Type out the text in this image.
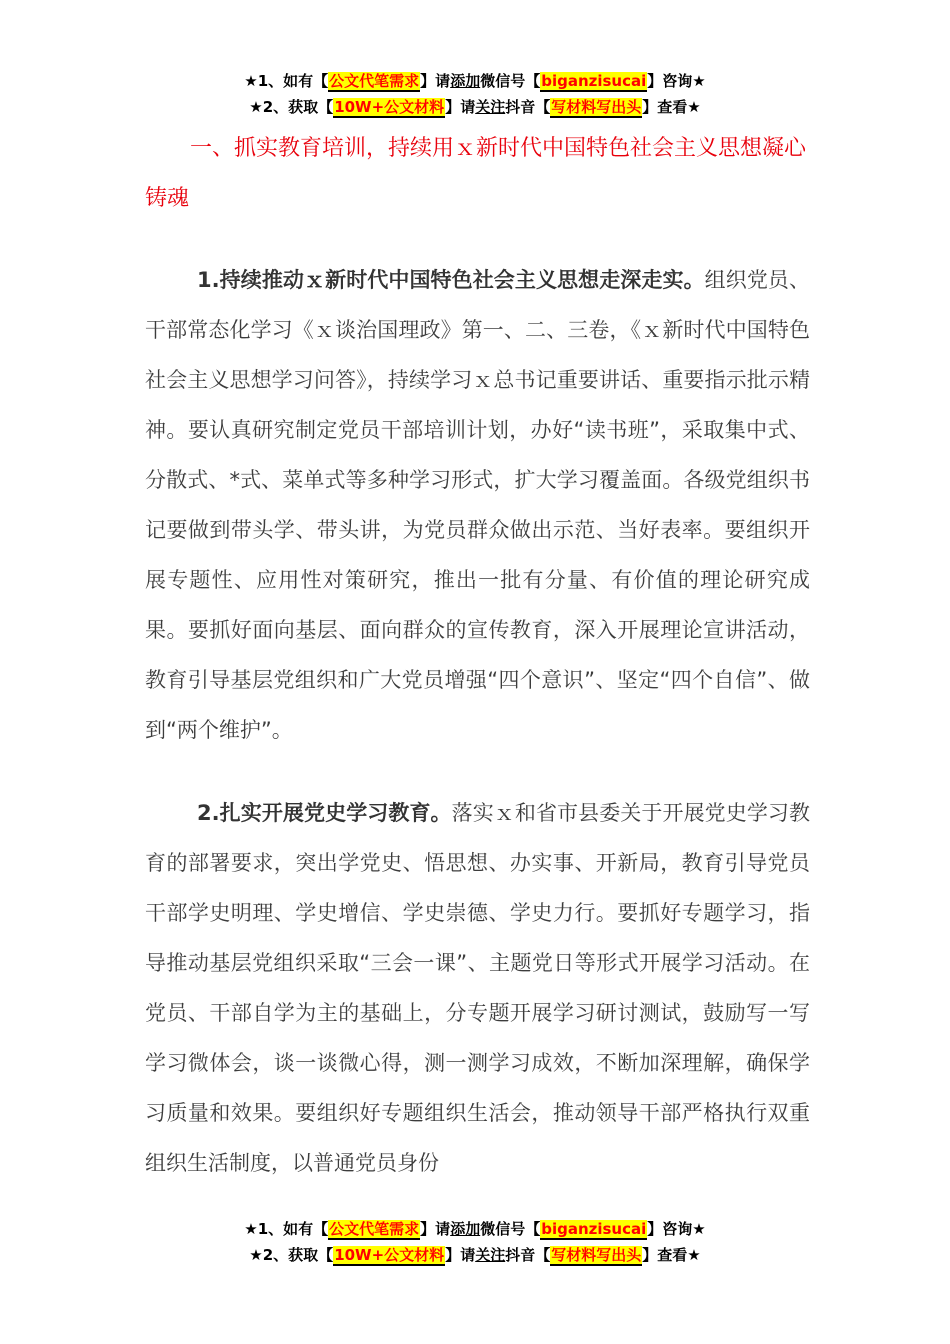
★1、如有【公文代笔需求】请添加微信号【biganzisucai】咨询★
★2、获取【10W+公文材料】请关注抖音【写材料写出头】查看★
一、抓实教育培训，持续用ｘ新时代中国特色社会主义思想凝心铸魂
1.持续推动ｘ新时代中国特色社会主义思想走深走实。组织党员、干部常态化学习《ｘ谈治国理政》第一、二、三卷，《ｘ新时代中国特色社会主义思想学习问答》，持续学习ｘ总书记重要讲话、重要指示批示精神。要认真研究制定党员干部培训计划，办好“读书班”，采取集中式、分散式、*式、菜单式等多种学习形式，扩大学习覆盖面。各级党组织书记要做到带头学、带头讲，为党员群众做出示范、当好表率。要组织开展专题性、应用性对策研究，推出一批有分量、有价值的理论研究成果。要抓好面向基层、面向群众的宣传教育，深入开展理论宣讲活动，教育引导基层党组织和广大党员增强“四个意识”、坚定“四个自信”、做到“两个维护”。
2.扎实开展党史学习教育。落实ｘ和省市县委关于开展党史学习教育的部署要求，突出学党史、悟思想、办实事、开新局，教育引导党员干部学史明理、学史增信、学史崇德、学史力行。要抓好专题学习，指导推动基层党组织采取“三会一课”、主题党日等形式开展学习活动。在党员、干部自学为主的基础上，分专题开展学习研讨测试，鼓励写一写学习微体会，谈一谈微心得，测一测学习成效，不断加深理解，确保学习质量和效果。要组织好专题组织生活会，推动领导干部严格执行双重组织生活制度，以普通党员身份
★1、如有【公文代笔需求】请添加微信号【biganzisucai】咨询★
★2、获取【10W+公文材料】请关注抖音【写材料写出头】查看★
